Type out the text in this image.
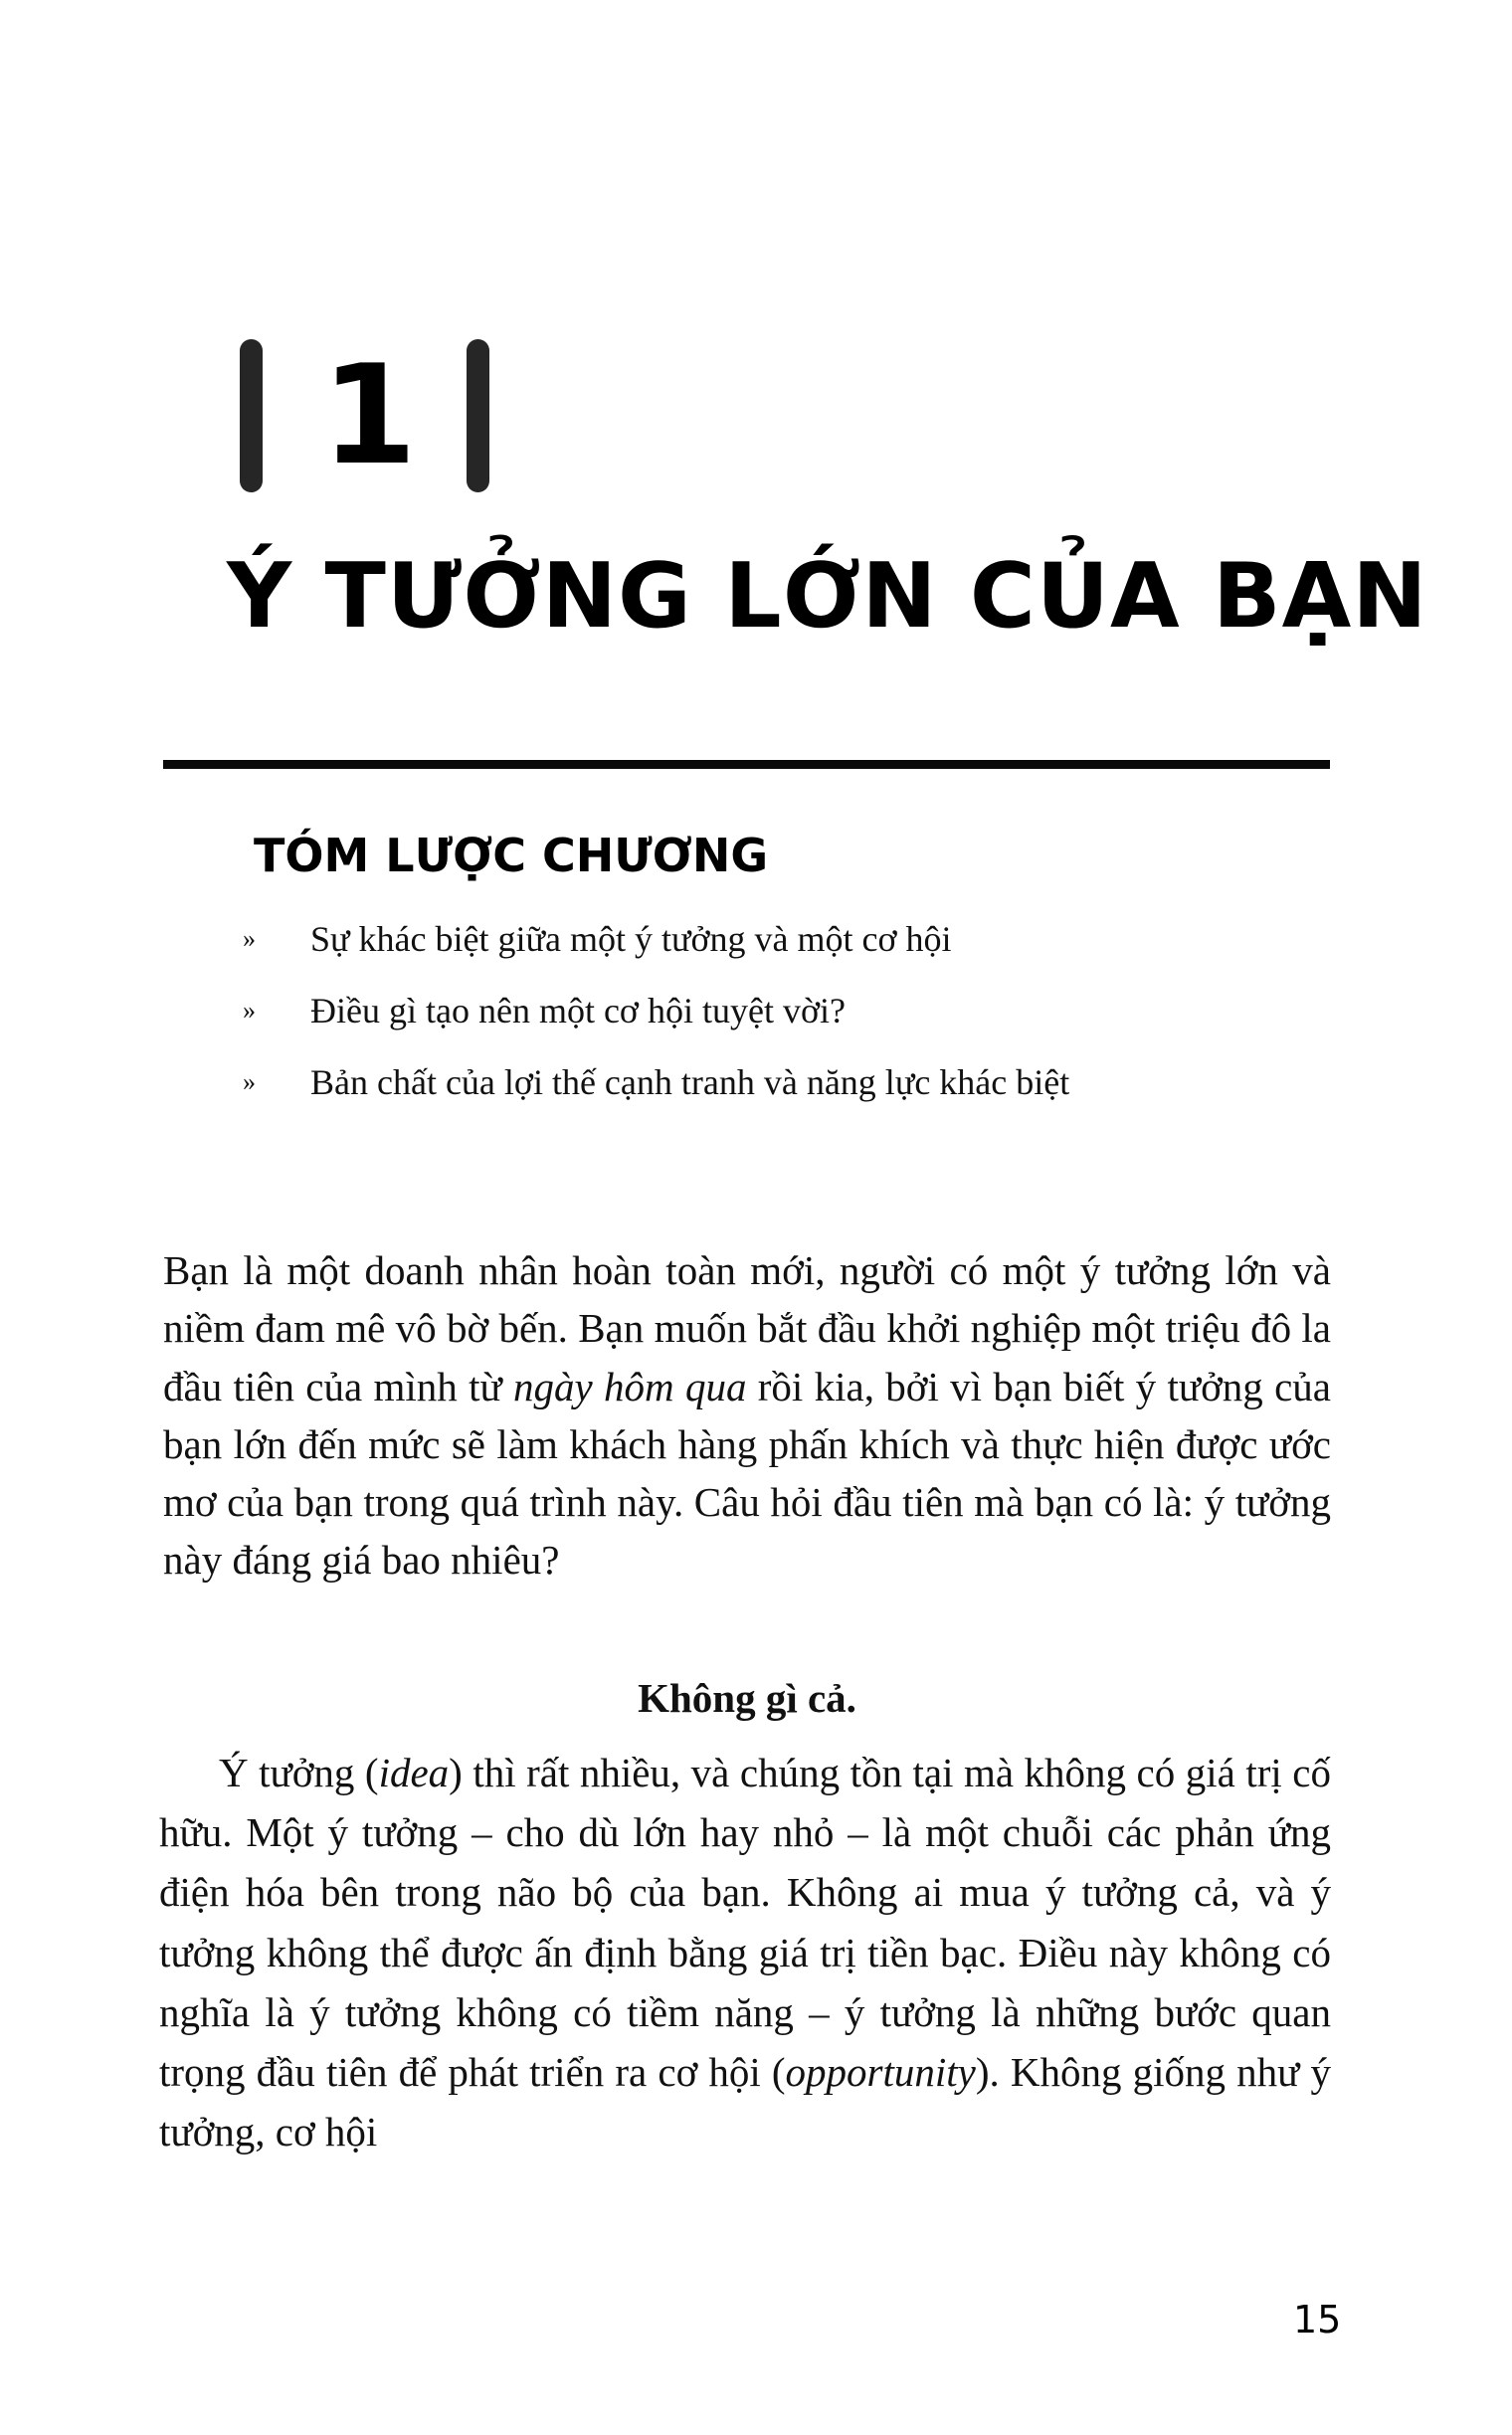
1
Ý TƯỞNG LỚN CỦA BẠN
TÓM LƯỢC CHƯƠNG
» Sự khác biệt giữa một ý tưởng và một cơ hội
» Điều gì tạo nên một cơ hội tuyệt vời?
» Bản chất của lợi thế cạnh tranh và năng lực khác biệt

Bạn là một doanh nhân hoàn toàn mới, người có một ý tưởng lớn và niềm đam mê vô bờ bến. Bạn muốn bắt đầu khởi nghiệp một triệu đô la đầu tiên của mình từ ngày hôm qua rồi kia, bởi vì bạn biết ý tưởng của bạn lớn đến mức sẽ làm khách hàng phấn khích và thực hiện được ước mơ của bạn trong quá trình này. Câu hỏi đầu tiên mà bạn có là: ý tưởng này đáng giá bao nhiêu?

Không gì cả.

Ý tưởng (idea) thì rất nhiều, và chúng tồn tại mà không có giá trị cố hữu. Một ý tưởng – cho dù lớn hay nhỏ – là một chuỗi các phản ứng điện hóa bên trong não bộ của bạn. Không ai mua ý tưởng cả, và ý tưởng không thể được ấn định bằng giá trị tiền bạc. Điều này không có nghĩa là ý tưởng không có tiềm năng – ý tưởng là những bước quan trọng đầu tiên để phát triển ra cơ hội (opportunity). Không giống như ý tưởng, cơ hội

15
